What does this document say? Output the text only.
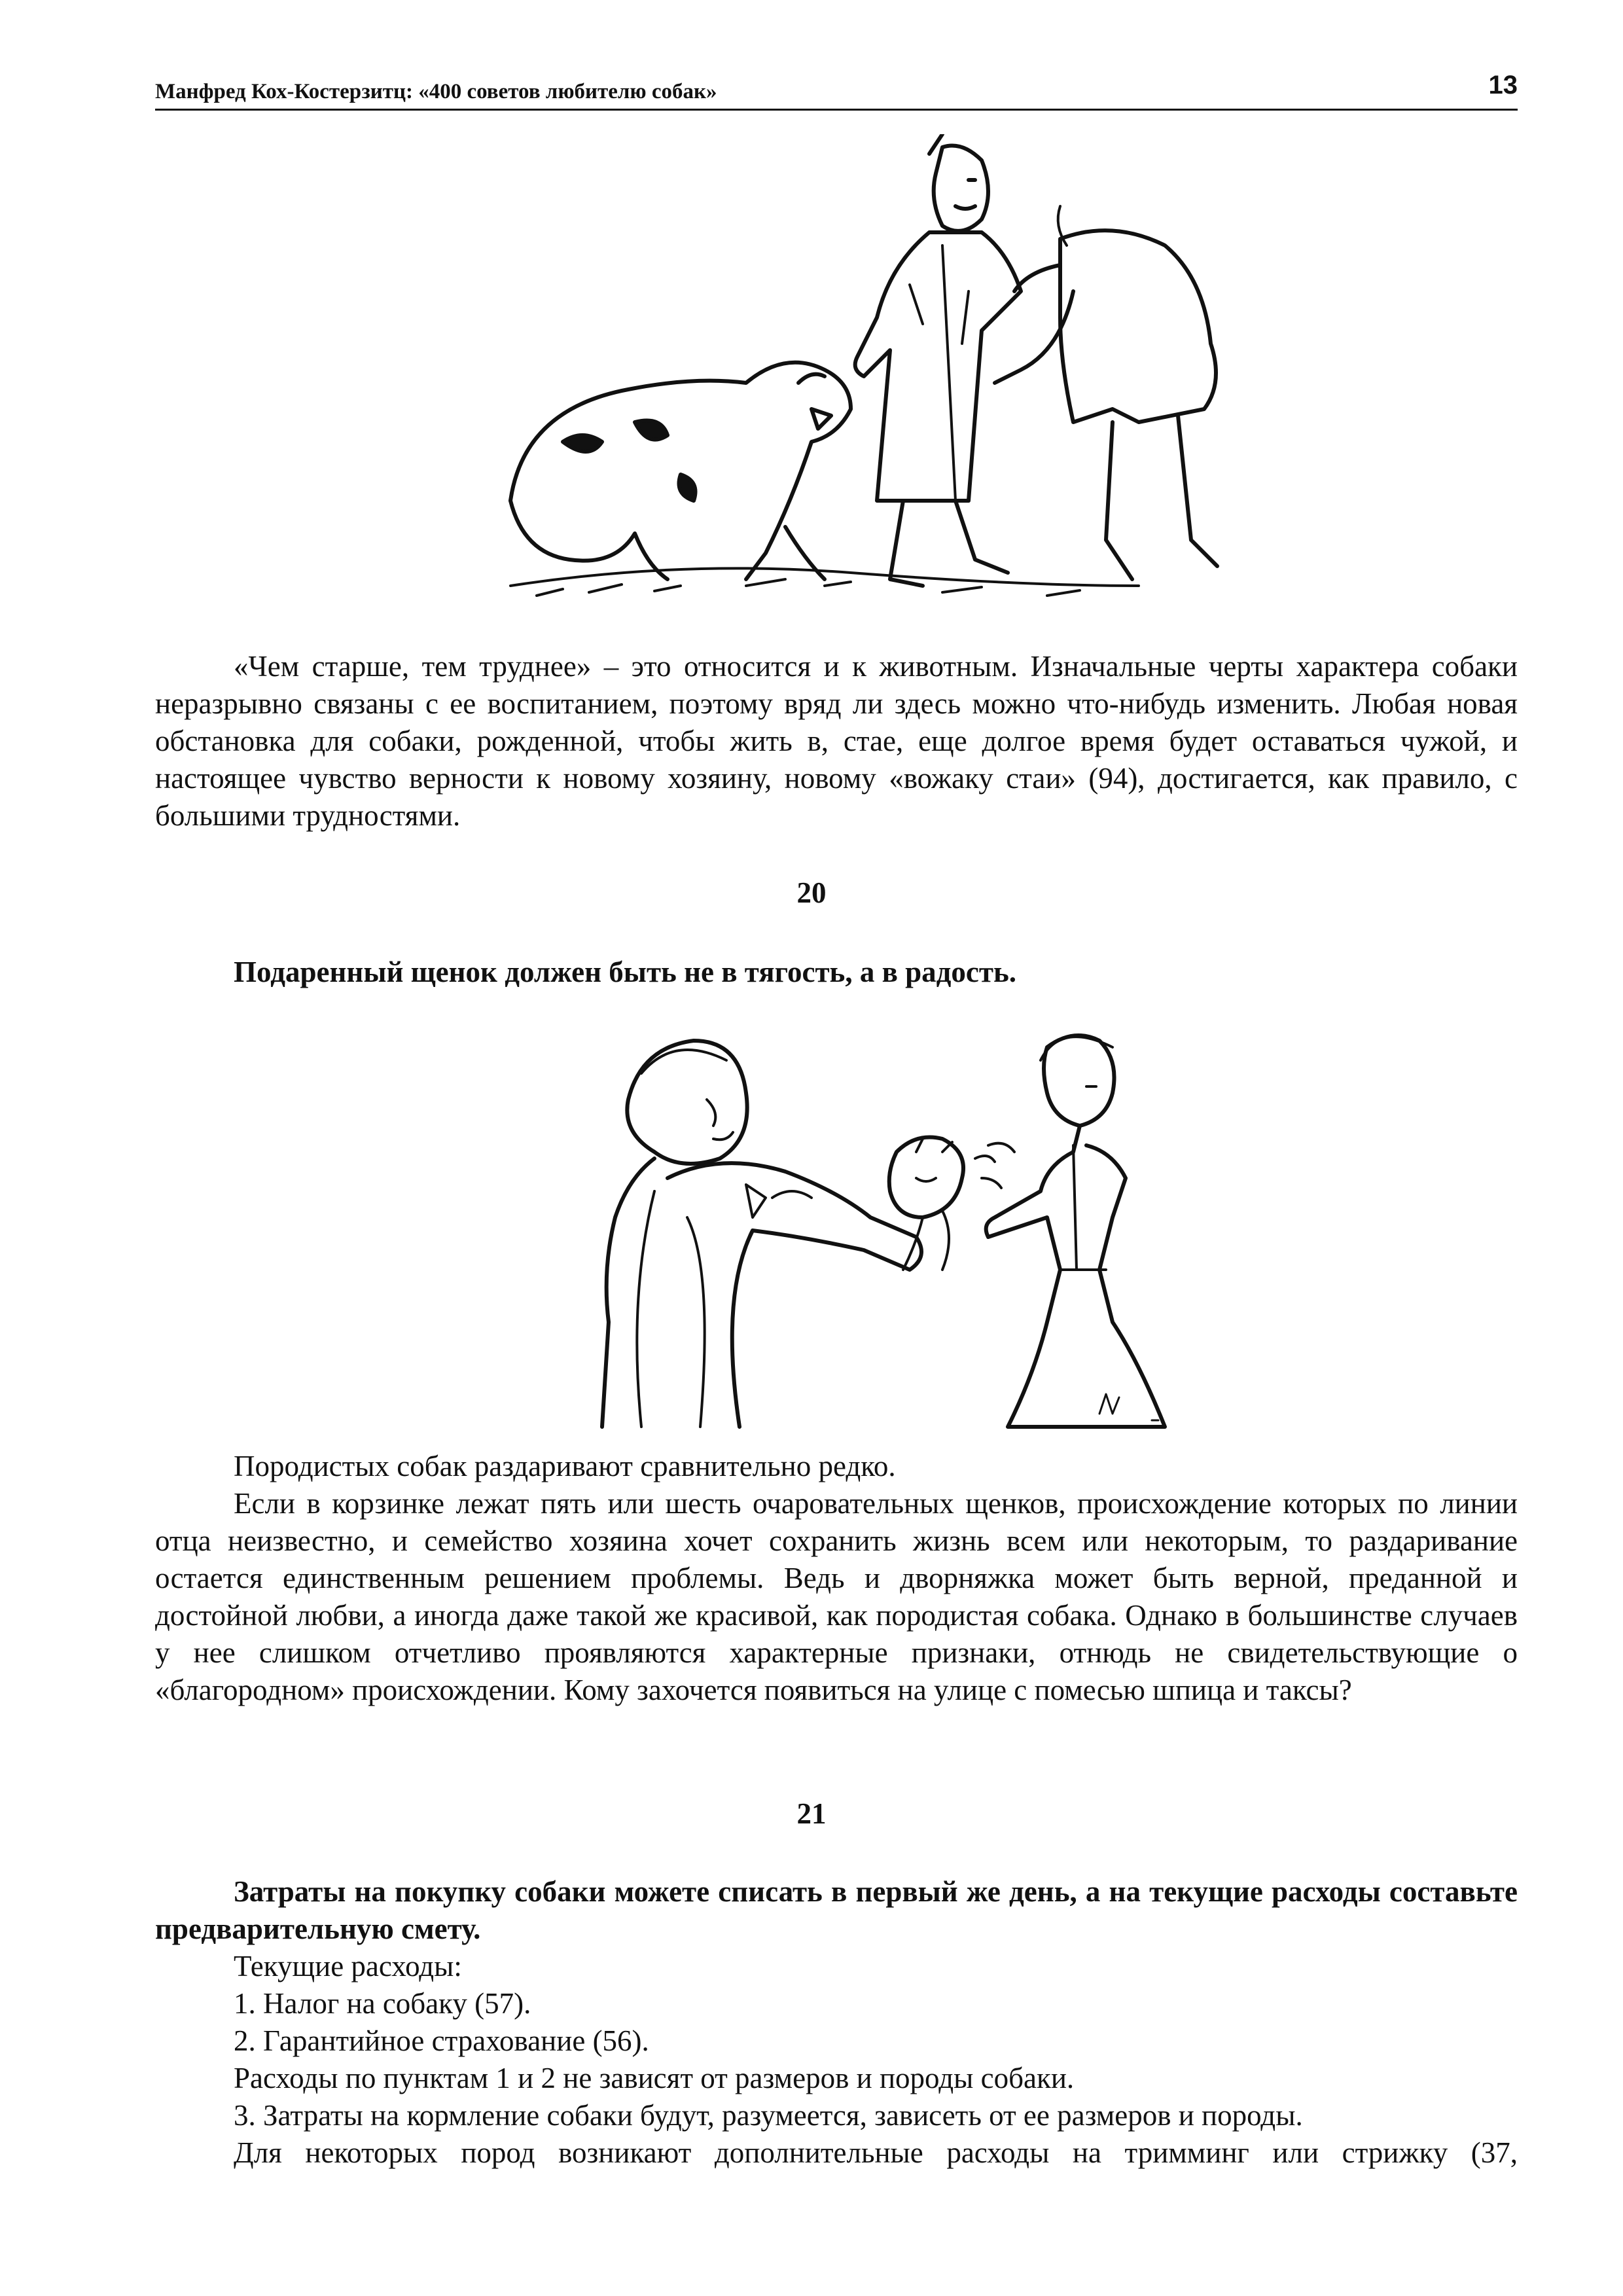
Манфред Кох-Костерзитц: «400 советов любителю собак»	13
«Чем старше, тем труднее» – это относится и к животным. Изначальные черты характера собаки неразрывно связаны с ее воспитанием, поэтому вряд ли здесь можно что-нибудь изменить. Любая новая обстановка для собаки, рожденной, чтобы жить в, стае, еще долгое время будет оставаться чужой, и настоящее чувство верности к новому хозяину, новому «вожаку стаи» (94), достигается, как правило, с большими трудностями.
20
Подаренный щенок должен быть не в тягость, а в радость.
Породистых собак раздаривают сравнительно редко.
Если в корзинке лежат пять или шесть очаровательных щенков, происхождение которых по линии отца неизвестно, и семейство хозяина хочет сохранить жизнь всем или некоторым, то раздаривание остается единственным решением проблемы. Ведь и дворняжка может быть верной, преданной и достойной любви, а иногда даже такой же красивой, как породистая собака. Однако в большинстве случаев у нее слишком отчетливо проявляются характерные признаки, отнюдь не свидетельствующие о «благородном» происхождении. Кому захочется появиться на улице с помесью шпица и таксы?
21
Затраты на покупку собаки можете списать в первый же день, а на текущие расходы составьте предварительную смету.
Текущие расходы:
1. Налог на собаку (57).
2. Гарантийное страхование (56).
Расходы по пунктам 1 и 2 не зависят от размеров и породы собаки.
3. Затраты на кормление собаки будут, разумеется, зависеть от ее размеров и породы.
Для некоторых пород возникают дополнительные расходы на тримминг или стрижку (37,
